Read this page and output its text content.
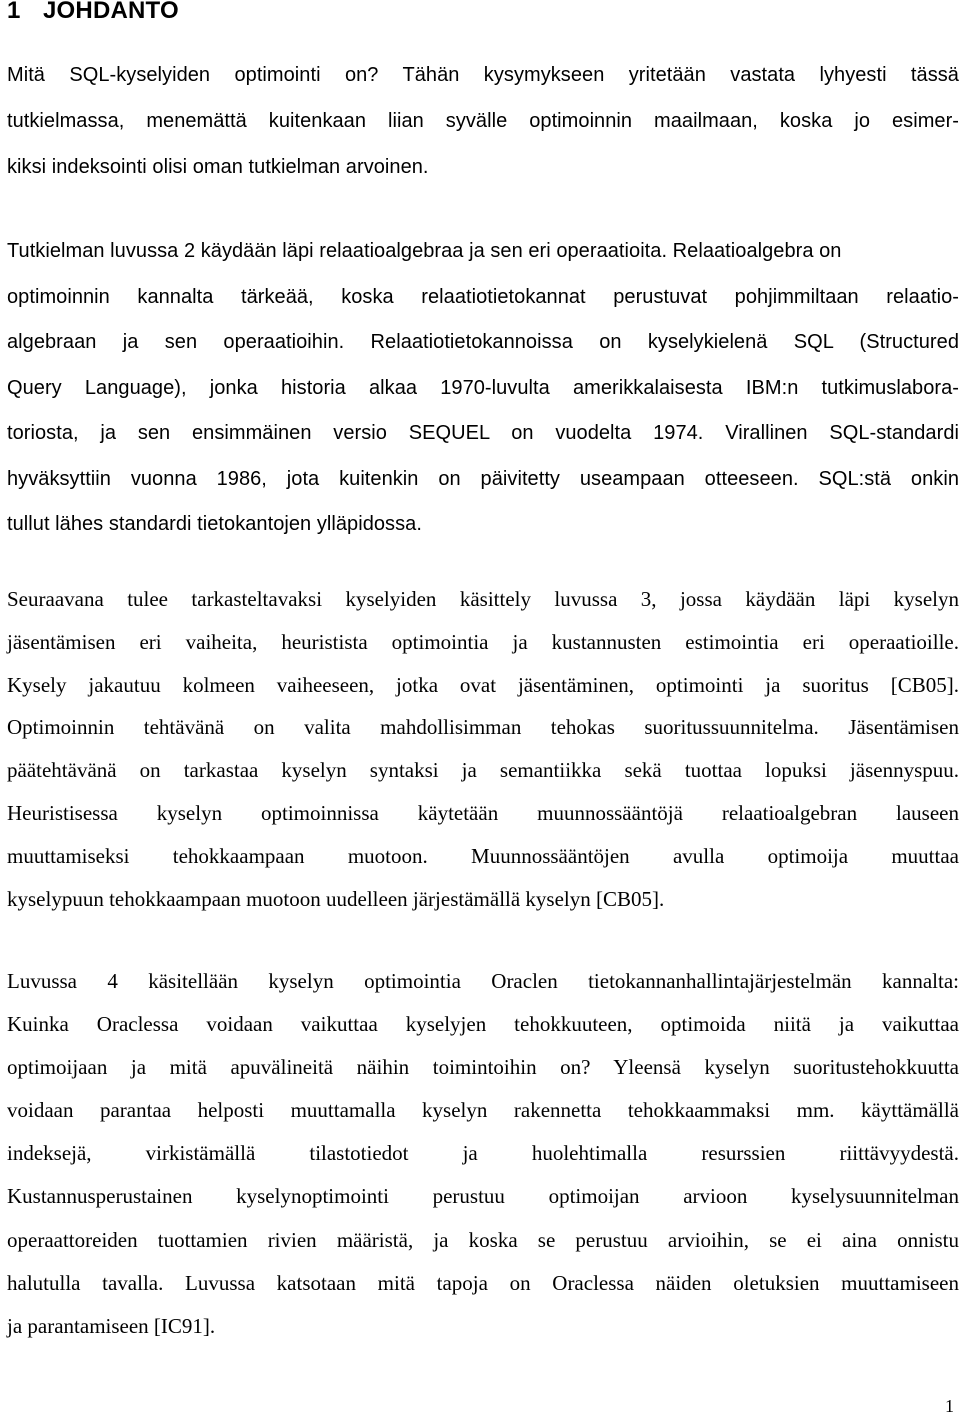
1 JOHDANTO
Mitä SQL-kyselyiden optimointi on? Tähän kysymykseen yritetään vastata lyhyesti tässä
tutkielmassa, menemättä kuitenkaan liian syvälle optimoinnin maailmaan, koska jo esimer-
kiksi indeksointi olisi oman tutkielman arvoinen.
Tutkielman luvussa 2 käydään läpi relaatioalgebraa ja sen eri operaatioita. Relaatioalgebra on
optimoinnin kannalta tärkeää, koska relaatiotietokannat perustuvat pohjimmiltaan relaatio-
algebraan ja sen operaatioihin. Relaatiotietokannoissa on kyselykielenä SQL (Structured
Query Language), jonka historia alkaa 1970-luvulta amerikkalaisesta IBM:n tutkimuslabora-
toriosta, ja sen ensimmäinen versio SEQUEL on vuodelta 1974. Virallinen SQL-standardi
hyväksyttiin vuonna 1986, jota kuitenkin on päivitetty useampaan otteeseen. SQL:stä onkin
tullut lähes standardi tietokantojen ylläpidossa.
Seuraavana tulee tarkasteltavaksi kyselyiden käsittely luvussa 3, jossa käydään läpi kyselyn
jäsentämisen eri vaiheita, heuristista optimointia ja kustannusten estimointia eri operaatioille.
Kysely jakautuu kolmeen vaiheeseen, jotka ovat jäsentäminen, optimointi ja suoritus [CB05].
Optimoinnin tehtävänä on valita mahdollisimman tehokas suoritussuunnitelma. Jäsentämisen
päätehtävänä on tarkastaa kyselyn syntaksi ja semantiikka sekä tuottaa lopuksi jäsennyspuu.
Heuristisessa kyselyn optimoinnissa käytetään muunnossääntöjä relaatioalgebran lauseen
muuttamiseksi tehokkaampaan muotoon. Muunnossääntöjen avulla optimoija muuttaa
kyselypuun tehokkaampaan muotoon uudelleen järjestämällä kyselyn [CB05].
Luvussa 4 käsitellään kyselyn optimointia Oraclen tietokannanhallintajärjestelmän kannalta:
Kuinka Oraclessa voidaan vaikuttaa kyselyjen tehokkuuteen, optimoida niitä ja vaikuttaa
optimoijaan ja mitä apuvälineitä näihin toimintoihin on? Yleensä kyselyn suoritustehokkuutta
voidaan parantaa helposti muuttamalla kyselyn rakennetta tehokkaammaksi mm. käyttämällä
indeksejä, virkistämällä tilastotiedot ja huolehtimalla resurssien riittävyydestä.
Kustannusperustainen kyselynoptimointi perustuu optimoijan arvioon kyselysuunnitelman
operaattoreiden tuottamien rivien määristä, ja koska se perustuu arvioihin, se ei aina onnistu
halutulla tavalla. Luvussa katsotaan mitä tapoja on Oraclessa näiden oletuksien muuttamiseen
ja parantamiseen [IC91].
1
